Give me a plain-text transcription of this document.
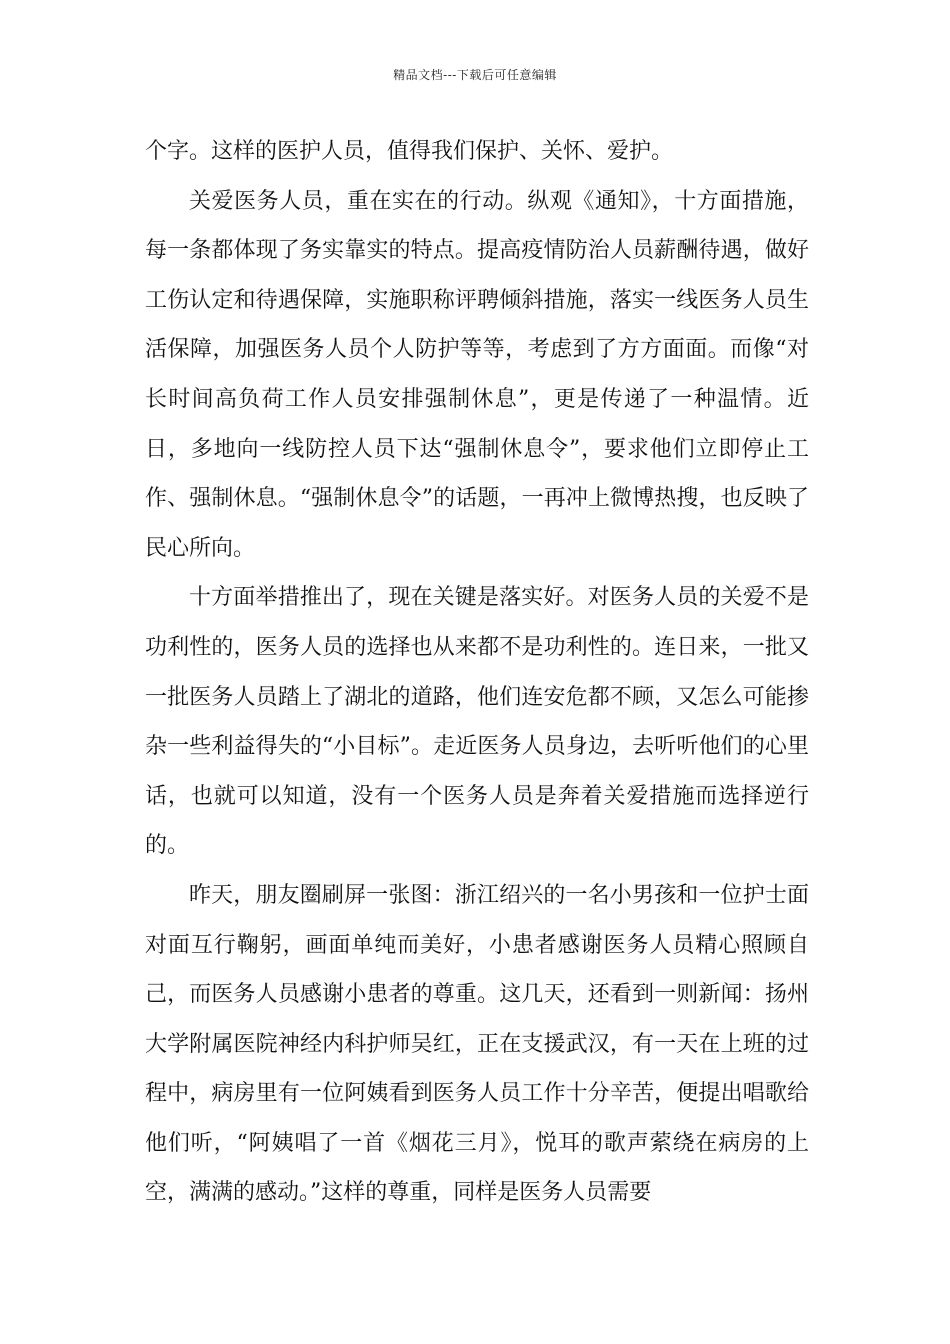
精品文档---下载后可任意编辑

个字。这样的医护人员，值得我们保护、关怀、爱护。

关爱医务人员，重在实在的行动。纵观《通知》，十方面措施，每一条都体现了务实靠实的特点。提高疫情防治人员薪酬待遇，做好工伤认定和待遇保障，实施职称评聘倾斜措施，落实一线医务人员生活保障，加强医务人员个人防护等等，考虑到了方方面面。而像“对长时间高负荷工作人员安排强制休息”，更是传递了一种温情。近日，多地向一线防控人员下达“强制休息令”，要求他们立即停止工作、强制休息。“强制休息令”的话题，一再冲上微博热搜，也反映了民心所向。

十方面举措推出了，现在关键是落实好。对医务人员的关爱不是功利性的，医务人员的选择也从来都不是功利性的。连日来，一批又一批医务人员踏上了湖北的道路，他们连安危都不顾，又怎么可能掺杂一些利益得失的“小目标”。走近医务人员身边，去听听他们的心里话，也就可以知道，没有一个医务人员是奔着关爱措施而选择逆行的。

昨天，朋友圈刷屏一张图：浙江绍兴的一名小男孩和一位护士面对面互行鞠躬，画面单纯而美好，小患者感谢医务人员精心照顾自己，而医务人员感谢小患者的尊重。这几天，还看到一则新闻：扬州大学附属医院神经内科护师吴红，正在支援武汉，有一天在上班的过程中，病房里有一位阿姨看到医务人员工作十分辛苦，便提出唱歌给他们听，“阿姨唱了一首《烟花三月》，悦耳的歌声萦绕在病房的上空，满满的感动。”这样的尊重，同样是医务人员需要
